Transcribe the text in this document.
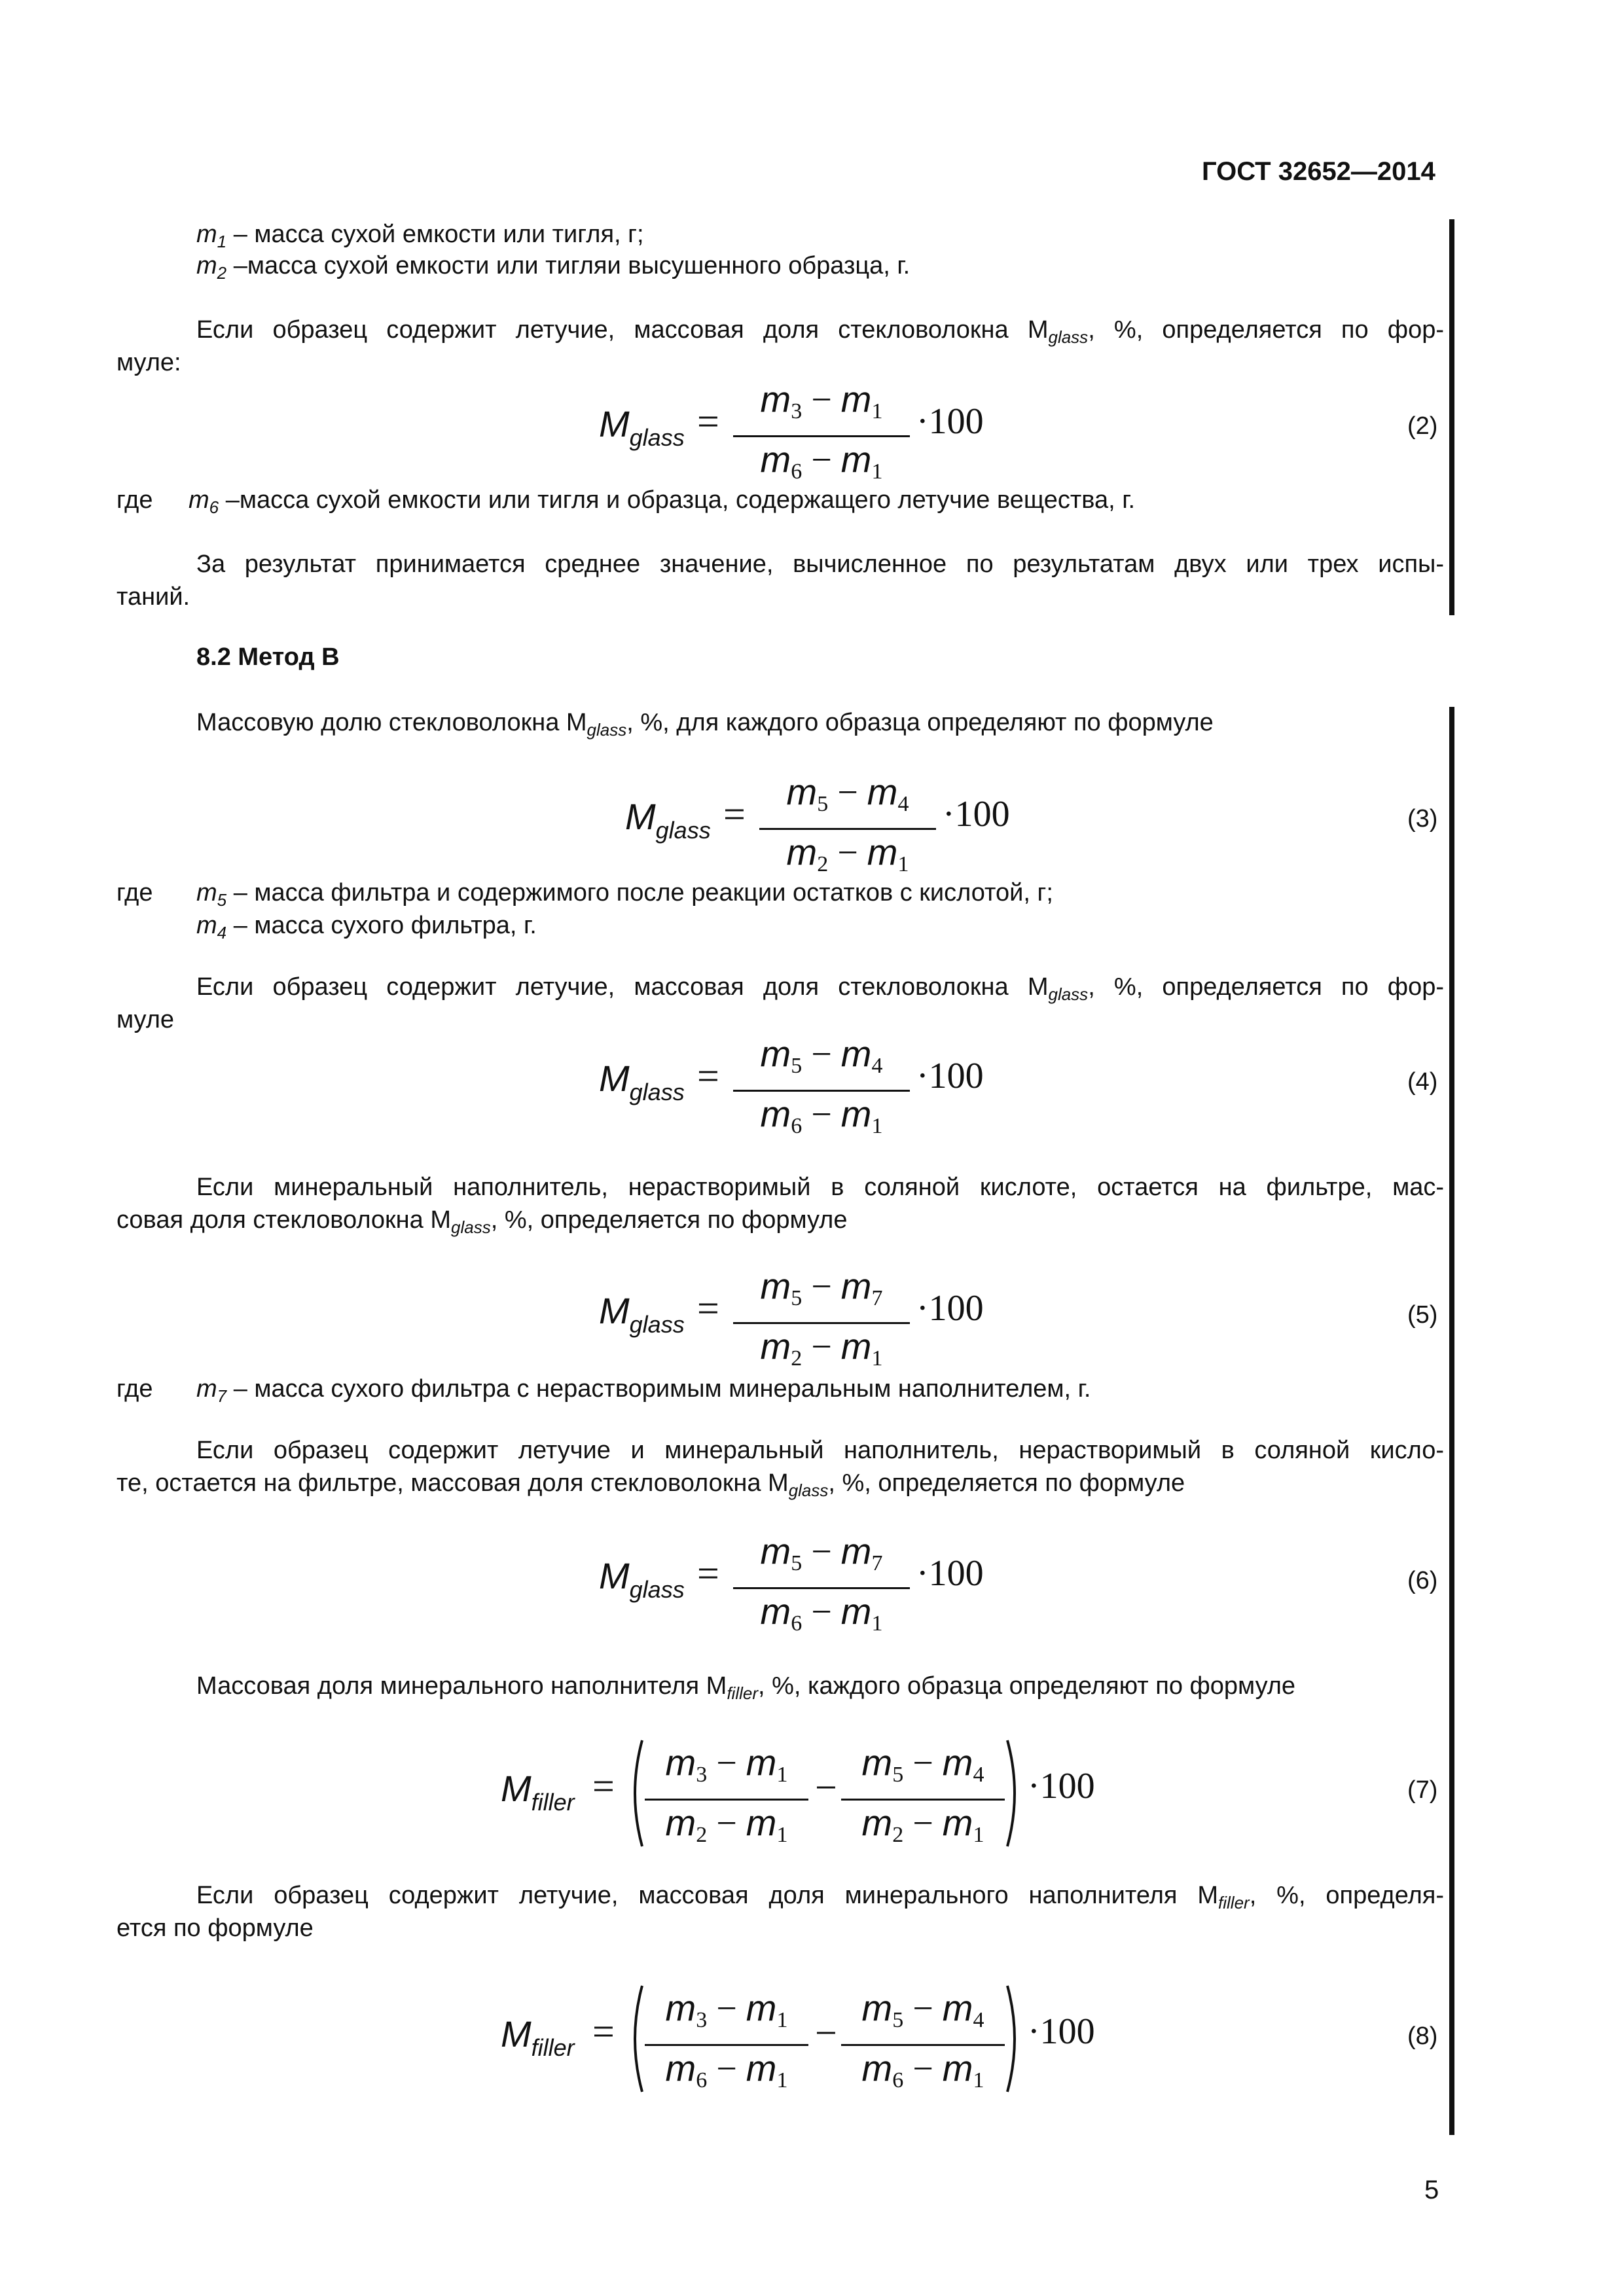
ГОСТ 32652—2014
$m_1$ – масса сухой емкости или тигля, г;
$m_2$ –масса сухой емкости или тигляи высушенного образца, г.
Если образец содержит летучие, массовая доля стекловолокна $M_{glass}$, %, определяется по фор-
муле:
$M_{glass}$ =
$m_3 - m_1$
$m_6 - m_1$
·100	(2)
где $m_6$ –масса сухой емкости или тигля и образца, содержащего летучие вещества, г.
За результат принимается среднее значение, вычисленное по результатам двух или трех испы-
таний.
8.2 Метод В
Массовую долю стекловолокна $M_{glass}$, %, для каждого образца определяют по формуле
$M_{glass}$ =
$m_5 - m_4$
$m_2 - m_1$
·100	(3)
где $m_5$ – масса фильтра и содержимого после реакции остатков с кислотой, г;
$m_4$ – масса сухого фильтра, г.
Если образец содержит летучие, массовая доля стекловолокна $M_{glass}$, %, определяется по фор-
муле
$M_{glass}$ =
$m_5 - m_4$
$m_6 - m_1$
·100	(4)
Если минеральный наполнитель, нерастворимый в соляной кислоте, остается на фильтре, мас-
совая доля стекловолокна $M_{glass}$, %, определяется по формуле
$M_{glass}$ =
$m_5 - m_7$
$m_2 - m_1$
·100	(5)
где $m_7$ – масса сухого фильтра с нерастворимым минеральным наполнителем, г.
Если образец содержит летучие и минеральный наполнитель, нерастворимый в соляной кисло-
те, остается на фильтре, массовая доля стекловолокна $M_{glass}$, %, определяется по формуле
$M_{glass}$ =
$m_5 - m_7$
$m_6 - m_1$
·100	(6)
Массовая доля минерального наполнителя $M_{filler}$, %, каждого образца определяют по формуле
$M_{filler}$ =
$m_3 - m_1$
$m_2 - m_1$
−
$m_5 - m_4$
$m_2 - m_1$
·100	(7)
Если образец содержит летучие, массовая доля минерального наполнителя $M_{filler}$, %, определя-
ется по формуле
$M_{filler}$ =
$m_3 - m_1$
$m_6 - m_1$
−
$m_5 - m_4$
$m_6 - m_1$
·100	(8)
5
